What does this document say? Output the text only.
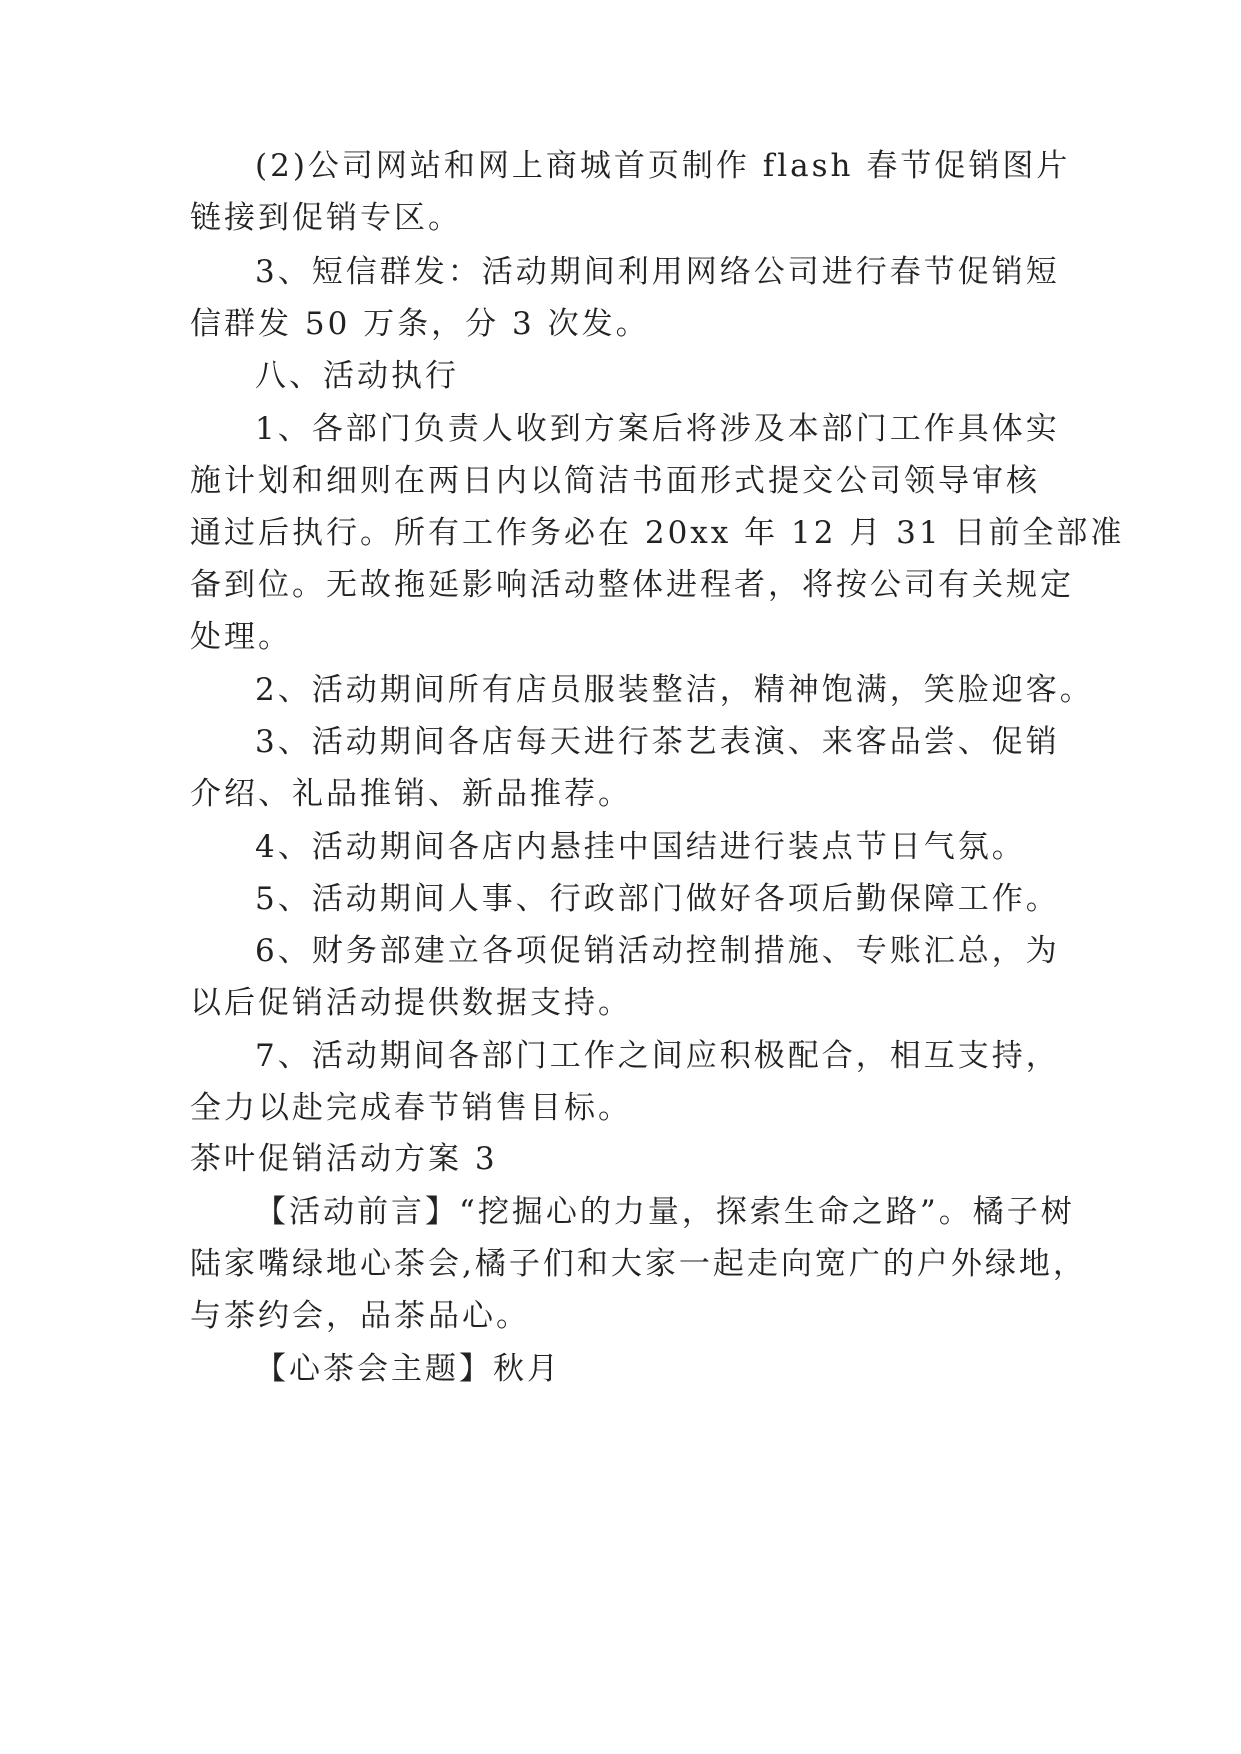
(2)公司网站和网上商城首页制作 flash 春节促销图片
链接到促销专区。
3、短信群发：活动期间利用网络公司进行春节促销短
信群发 50 万条，分 3 次发。
八、活动执行
1、各部门负责人收到方案后将涉及本部门工作具体实
施计划和细则在两日内以简洁书面形式提交公司领导审核
通过后执行。所有工作务必在 20xx 年 12 月 31 日前全部准
备到位。无故拖延影响活动整体进程者，将按公司有关规定
处理。
2、活动期间所有店员服装整洁，精神饱满，笑脸迎客。
3、活动期间各店每天进行茶艺表演、来客品尝、促销
介绍、礼品推销、新品推荐。
4、活动期间各店内悬挂中国结进行装点节日气氛。
5、活动期间人事、行政部门做好各项后勤保障工作。
6、财务部建立各项促销活动控制措施、专账汇总，为
以后促销活动提供数据支持。
7、活动期间各部门工作之间应积极配合，相互支持，
全力以赴完成春节销售目标。
茶叶促销活动方案 3
【活动前言】“挖掘心的力量，探索生命之路”。橘子树
陆家嘴绿地心茶会,橘子们和大家一起走向宽广的户外绿地，
与茶约会，品茶品心。
【心茶会主题】秋月
